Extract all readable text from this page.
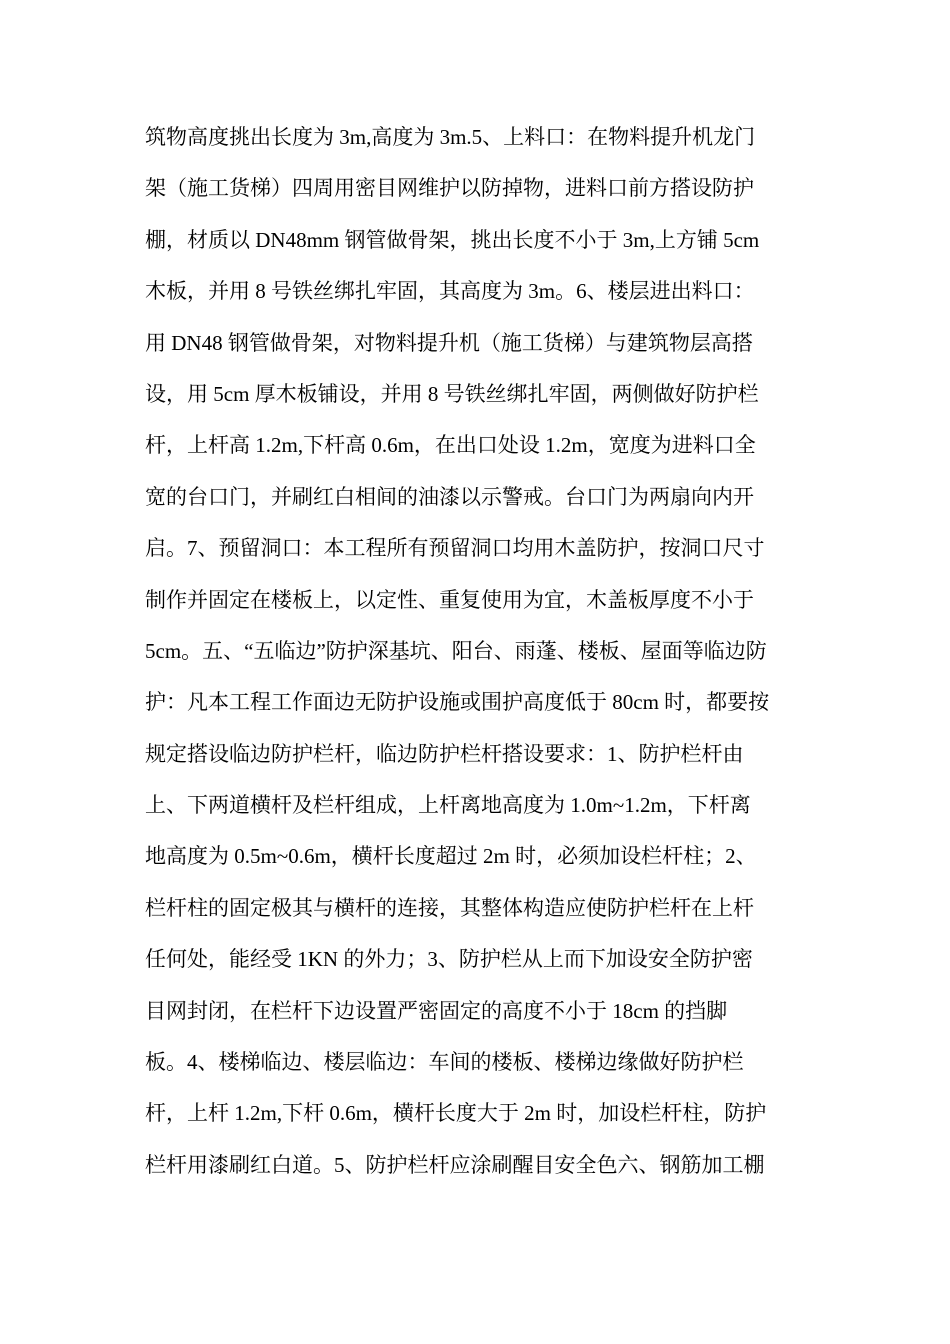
筑物高度挑出长度为 3m,高度为 3m.5、上料口：在物料提升机龙门
架（施工货梯）四周用密目网维护以防掉物，进料口前方搭设防护
棚，材质以 DN48mm 钢管做骨架，挑出长度不小于 3m,上方铺 5cm
木板，并用 8 号铁丝绑扎牢固，其高度为 3m。6、楼层进出料口：
用 DN48 钢管做骨架，对物料提升机（施工货梯）与建筑物层高搭
设，用 5cm 厚木板铺设，并用 8 号铁丝绑扎牢固，两侧做好防护栏
杆，上杆高 1.2m,下杆高 0.6m，在出口处设 1.2m，宽度为进料口全
宽的台口门，并刷红白相间的油漆以示警戒。台口门为两扇向内开
启。7、预留洞口：本工程所有预留洞口均用木盖防护，按洞口尺寸
制作并固定在楼板上，以定性、重复使用为宜，木盖板厚度不小于
5cm。五、“五临边”防护深基坑、阳台、雨蓬、楼板、屋面等临边防
护：凡本工程工作面边无防护设施或围护高度低于 80cm 时，都要按
规定搭设临边防护栏杆，临边防护栏杆搭设要求：1、防护栏杆由
上、下两道横杆及栏杆组成，上杆离地高度为 1.0m~1.2m，下杆离
地高度为 0.5m~0.6m，横杆长度超过 2m 时，必须加设栏杆柱；2、
栏杆柱的固定极其与横杆的连接，其整体构造应使防护栏杆在上杆
任何处，能经受 1KN 的外力；3、防护栏从上而下加设安全防护密
目网封闭，在栏杆下边设置严密固定的高度不小于 18cm 的挡脚
板。4、楼梯临边、楼层临边：车间的楼板、楼梯边缘做好防护栏
杆，上杆 1.2m,下杆 0.6m，横杆长度大于 2m 时，加设栏杆柱，防护
栏杆用漆刷红白道。5、防护栏杆应涂刷醒目安全色六、钢筋加工棚
